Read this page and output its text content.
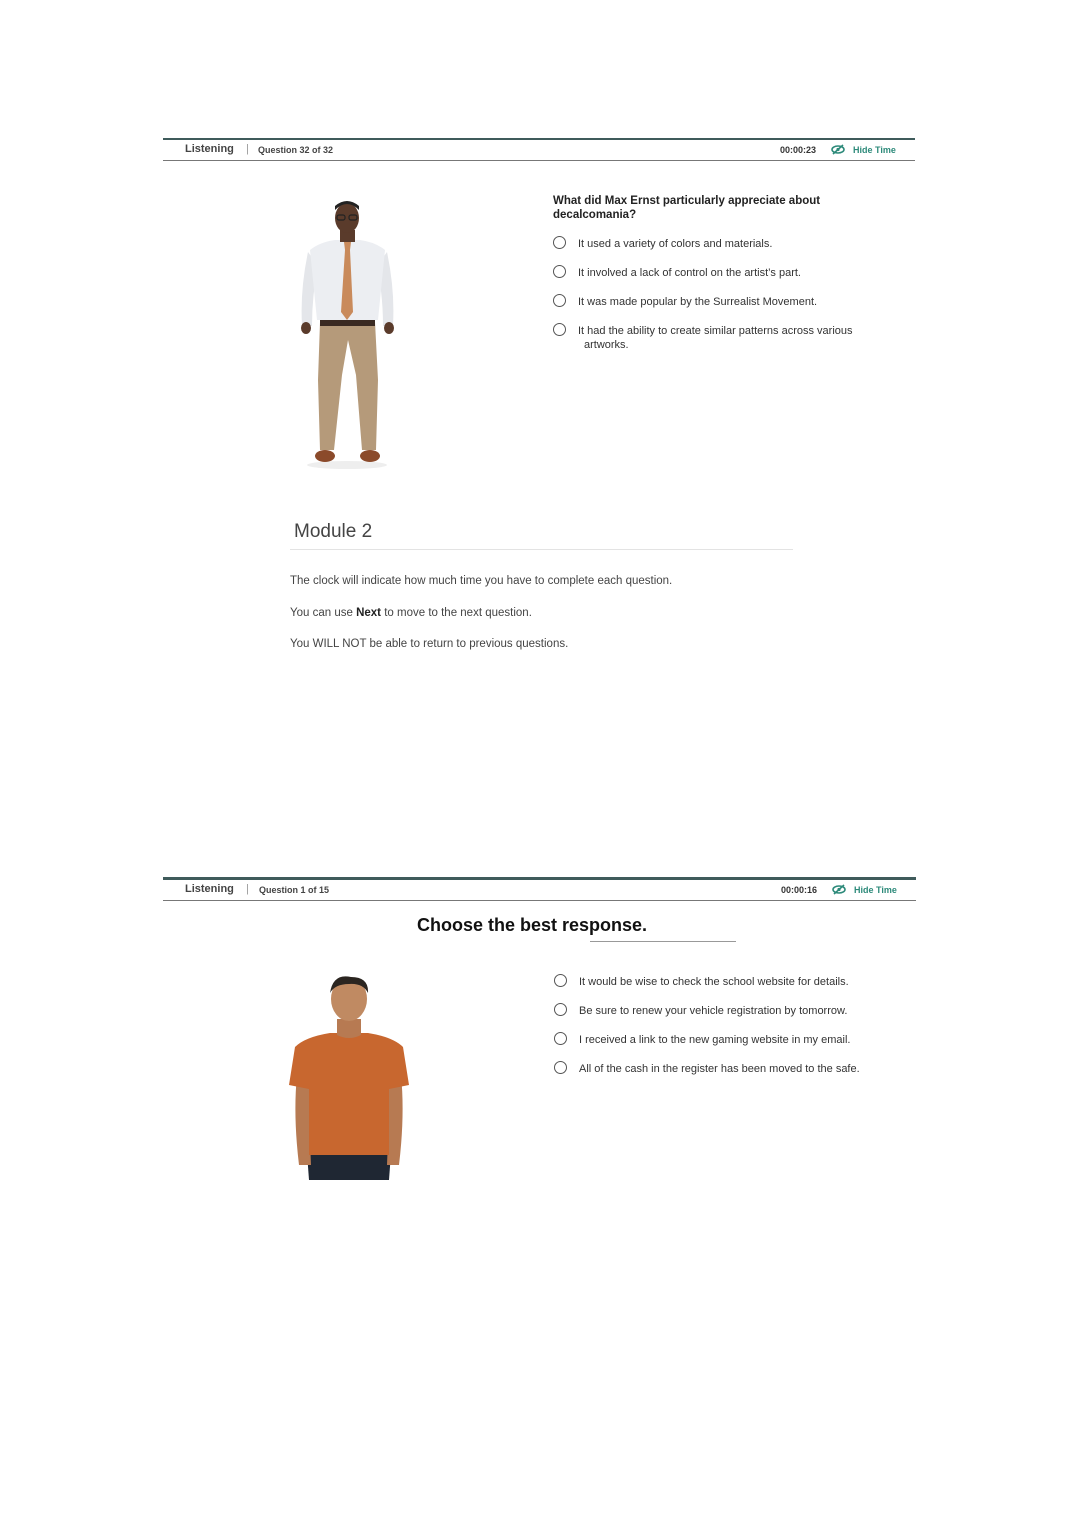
Listening | Question 32 of 32	00:00:23	Hide Time
What did Max Ernst particularly appreciate about decalcomania?
It used a variety of colors and materials.
It involved a lack of control on the artist’s part.
It was made popular by the Surrealist Movement.
It had the ability to create similar patterns across various
artworks.
Module 2
The clock will indicate how much time you have to complete each question.
You can use Next to move to the next question.
You WILL NOT be able to return to previous questions.
Listening | Question 1 of 15	00:00:16	Hide Time
Choose the best response.
It would be wise to check the school website for details.
Be sure to renew your vehicle registration by tomorrow.
I received a link to the new gaming website in my email.
All of the cash in the register has been moved to the safe.
